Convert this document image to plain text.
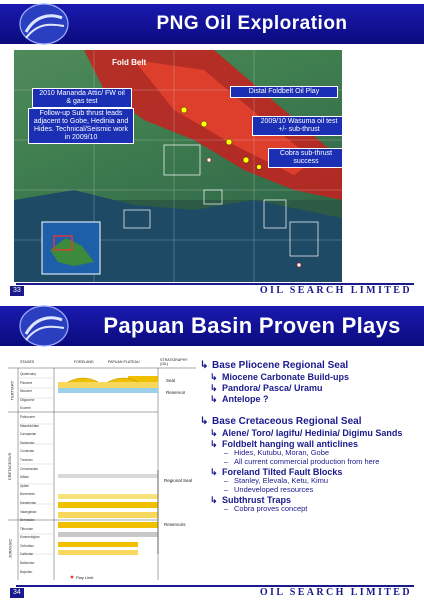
PNG Oil Exploration
Fold Belt
2010 Mananda Attic/ FW oil & gas test
Follow-up Sub thrust leads adjacent to Gobe, Hedinia and Hides. Technical/Seismic work in 2009/10
Distal Foldbelt Oil Play
2009/10 Wasuma oil test +/- sub-thrust
Cobra sub-thrust success
33	OIL SEARCH LIMITED
Papuan Basin Proven Plays
STAGES	FORELAND	PAPUAN PLATEAU	STRATIGRAPHY (OIL)
TERTIARY
CRETACEOUS
JURASSIC
Quaternary
Pliocene
Miocene
Oligocene
Eocene
Paleocene
Maastrichtian
Campanian
Santonian
Coniacian
Turonian
Cenomanian
Albian
Aptian
Barremian
Hauterivian
Valanginian
Berriasian
Tithonian
Kimmeridgian
Oxfordian
Callovian
Bathonian
Bajocian
Seal
Reservoir
Regional Seal
Reservoirs
Play Limit
↳ Base Pliocene Regional Seal
↳ Miocene Carbonate Build-ups
↳ Pandora/ Pasca/ Uramu
↳ Antelope ?
↳ Base Cretaceous Regional Seal
↳ Alene/ Toro/ Iagifu/ Hedinia/ Digimu Sands
↳ Foldbelt hanging wall anticlines
– Hides, Kutubu, Moran, Gobe
– All current commercial production from here
↳ Foreland Tilted Fault Blocks
– Stanley, Elevala, Ketu, Kimu
– Undeveloped resources
↳ Subthrust Traps
– Cobra proves concept
34	OIL SEARCH LIMITED
